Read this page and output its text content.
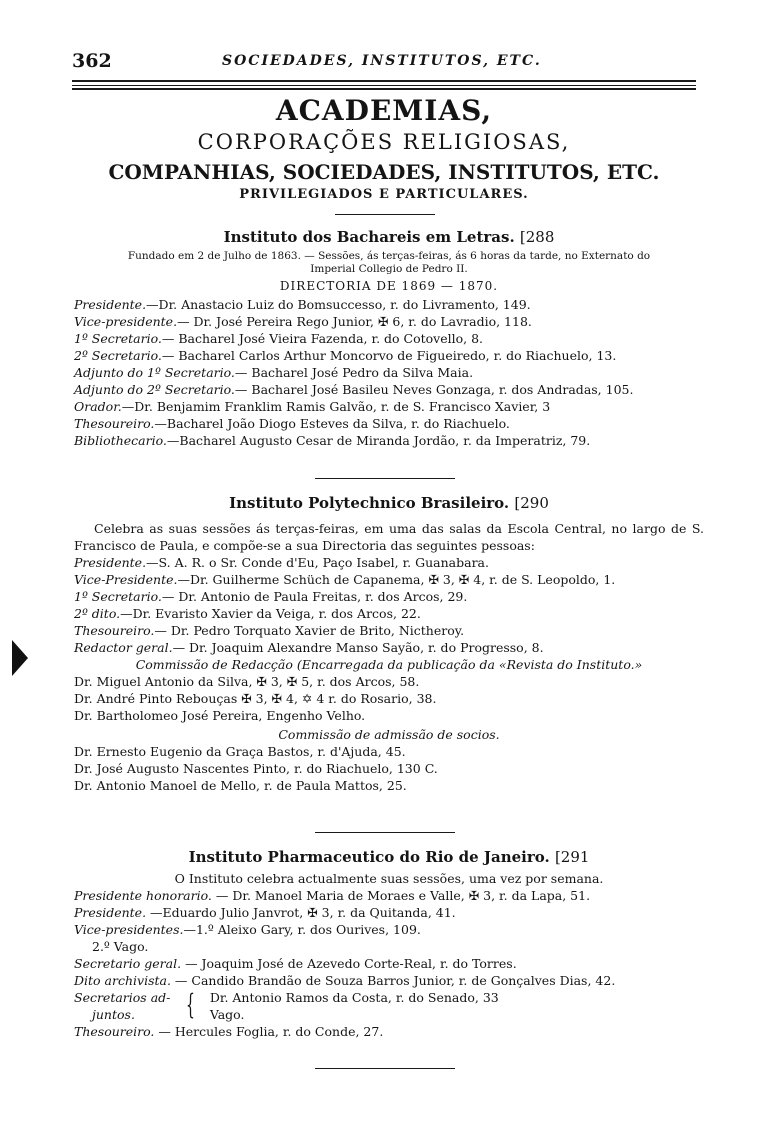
362	SOCIEDADES, INSTITUTOS, ETC.
ACADEMIAS,
CORPORAÇÕES RELIGIOSAS,
COMPANHIAS, SOCIEDADES, INSTITUTOS, ETC.
PRIVILEGIADOS E PARTICULARES.
Instituto dos Bachareis em Letras. [288
Fundado em 2 de Julho de 1863. — Sessões, ás terças-feiras, ás 6 horas da tarde, no Externato do
Imperial Collegio de Pedro II.
DIRECTORIA DE 1869 — 1870.
Presidente.—Dr. Anastacio Luiz do Bomsuccesso, r. do Livramento, 149.
Vice-presidente.— Dr. José Pereira Rego Junior, ✠ 6, r. do Lavradio, 118.
1º Secretario.— Bacharel José Vieira Fazenda, r. do Cotovello, 8.
2º Secretario.— Bacharel Carlos Arthur Moncorvo de Figueiredo, r. do Riachuelo, 13.
Adjunto do 1º Secretario.— Bacharel José Pedro da Silva Maia.
Adjunto do 2º Secretario.— Bacharel José Basileu Neves Gonzaga, r. dos Andradas, 105.
Orador.—Dr. Benjamim Franklim Ramis Galvão, r. de S. Francisco Xavier, 3
Thesoureiro.—Bacharel João Diogo Esteves da Silva, r. do Riachuelo.
Bibliothecario.—Bacharel Augusto Cesar de Miranda Jordão, r. da Imperatriz, 79.
Instituto Polytechnico Brasileiro. [290
Celebra as suas sessões ás terças-feiras, em uma das salas da Escola Central, no largo de S. Francisco de Paula, e compõe-se a sua Directoria das seguintes pessoas:
Presidente.—S. A. R. o Sr. Conde d'Eu, Paço Isabel, r. Guanabara.
Vice-Presidente.—Dr. Guilherme Schüch de Capanema, ✠ 3, ✠ 4, r. de S. Leopoldo, 1.
1º Secretario.— Dr. Antonio de Paula Freitas, r. dos Arcos, 29.
2º dito.—Dr. Evaristo Xavier da Veiga, r. dos Arcos, 22.
Thesoureiro.— Dr. Pedro Torquato Xavier de Brito, Nictheroy.
Redactor geral.— Dr. Joaquim Alexandre Manso Sayão, r. do Progresso, 8.
Commissão de Redacção (Encarregada da publicação da «Revista do Instituto.»
Dr. Miguel Antonio da Silva, ✠ 3, ✠ 5, r. dos Arcos, 58.
Dr. André Pinto Rebouças ✠ 3, ✠ 4, ✡ 4 r. do Rosario, 38.
Dr. Bartholomeo José Pereira, Engenho Velho.
Commissão de admissão de socios.
Dr. Ernesto Eugenio da Graça Bastos, r. d'Ajuda, 45.
Dr. José Augusto Nascentes Pinto, r. do Riachuelo, 130 C.
Dr. Antonio Manoel de Mello, r. de Paula Mattos, 25.
Instituto Pharmaceutico do Rio de Janeiro. [291
O Instituto celebra actualmente suas sessões, uma vez por semana.
Presidente honorario. — Dr. Manoel Maria de Moraes e Valle, ✠ 3, r. da Lapa, 51.
Presidente. —Eduardo Julio Janvrot, ✠ 3, r. da Quitanda, 41.
Vice-presidentes.—1.º Aleixo Gary, r. dos Ourives, 109.
2.º Vago.
Secretario geral. — Joaquim José de Azevedo Corte-Real, r. do Torres.
Dito archivista. — Candido Brandão de Souza Barros Junior, r. de Gonçalves Dias, 42.
Secretarios ad-
juntos.	{ Dr. Antonio Ramos da Costa, r. do Senado, 33
Vago.
Thesoureiro. — Hercules Foglia, r. do Conde, 27.
